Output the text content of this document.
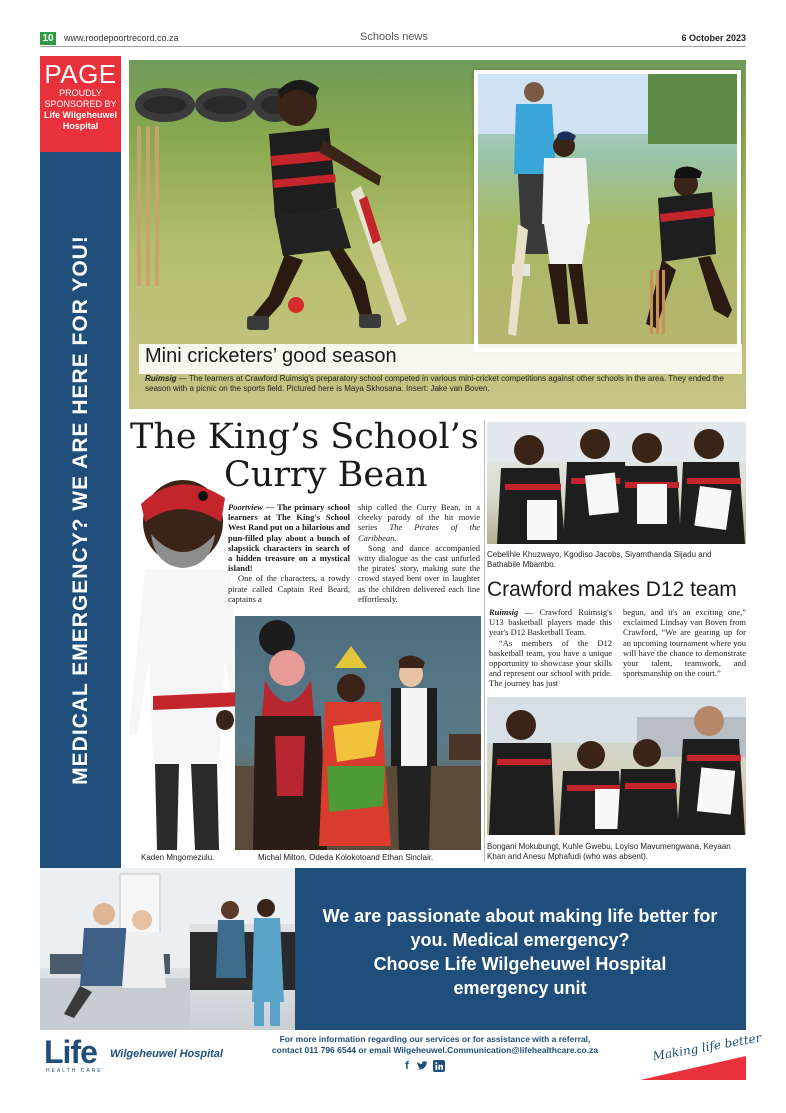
10 www.roodepoortrecord.co.za	Schools news	6 October 2023
PAGE
PROUDLY
SPONSORED BY
Life Wilgeheuwel
Hospital
MEDICAL EMERGENCY? WE ARE HERE FOR YOU!	Mini cricketers’ good season
Ruimsig — The learners at Crawford Ruimsig's preparatory school competed in various mini-cricket competitions against other schools in the area. They ended the season with a picnic on the sports field. Pictured here is Maya Skhosana. Insert: Jake van Boven.
The King’s School’s
Curry Bean

Poortview — The primary school learners at The King's School West Rand put on a hilarious and pun-filled play about a bunch of slapstick characters in search of a hidden treasure on a mystical island!

One of the characters, a rowdy pirate called Captain Red Beard, captains a

ship called the Curry Bean, in a cheeky parody of the hit movie series The Pirates of the Caribbean.

Song and dance accompanied witty dialogue as the cast unfurled the pirates' story, making sure the crowd stayed bent over in laughter as the children delivered each line effortlessly.

Kaden Mngomezulu.	Michal Milton, Odeda Kolokotoand Ethan Sinclair.
Cebelihle Khuzwayo, Kgodiso Jacobs, Siyamthanda Sijadu and Bathabile Mbambo.
Crawford makes D12 team

Ruimsig — Crawford Ruimsig's U13 basketball players made this year's D12 Basketball Team.

“As members of the D12 basketball team, you have a unique opportunity to showcase your skills and represent our school with pride. The journey has just

begun, and it's an exciting one,” exclaimed Lindsay van Boven from Crawford, “We are gearing up for an upcoming tournament where you will have the chance to demonstrate your talent, teamwork, and sportsmanship on the court.”

Bongani Mokubungt, Kuhle Gwebu, Loyiso Mavumengwana, Keyaan Khan and Anesu Mphafudi (who was absent).
We are passionate about making life better for
you. Medical emergency?
Choose Life Wilgeheuwel Hospital
emergency unit
Life
HEALTH CARE
Wilgeheuwel Hospital
For more information regarding our services or for assistance with a referral,
contact 011 796 6544 or email Wilgeheuwel.Communication@lifehealthcare.co.za
f
Making life better
